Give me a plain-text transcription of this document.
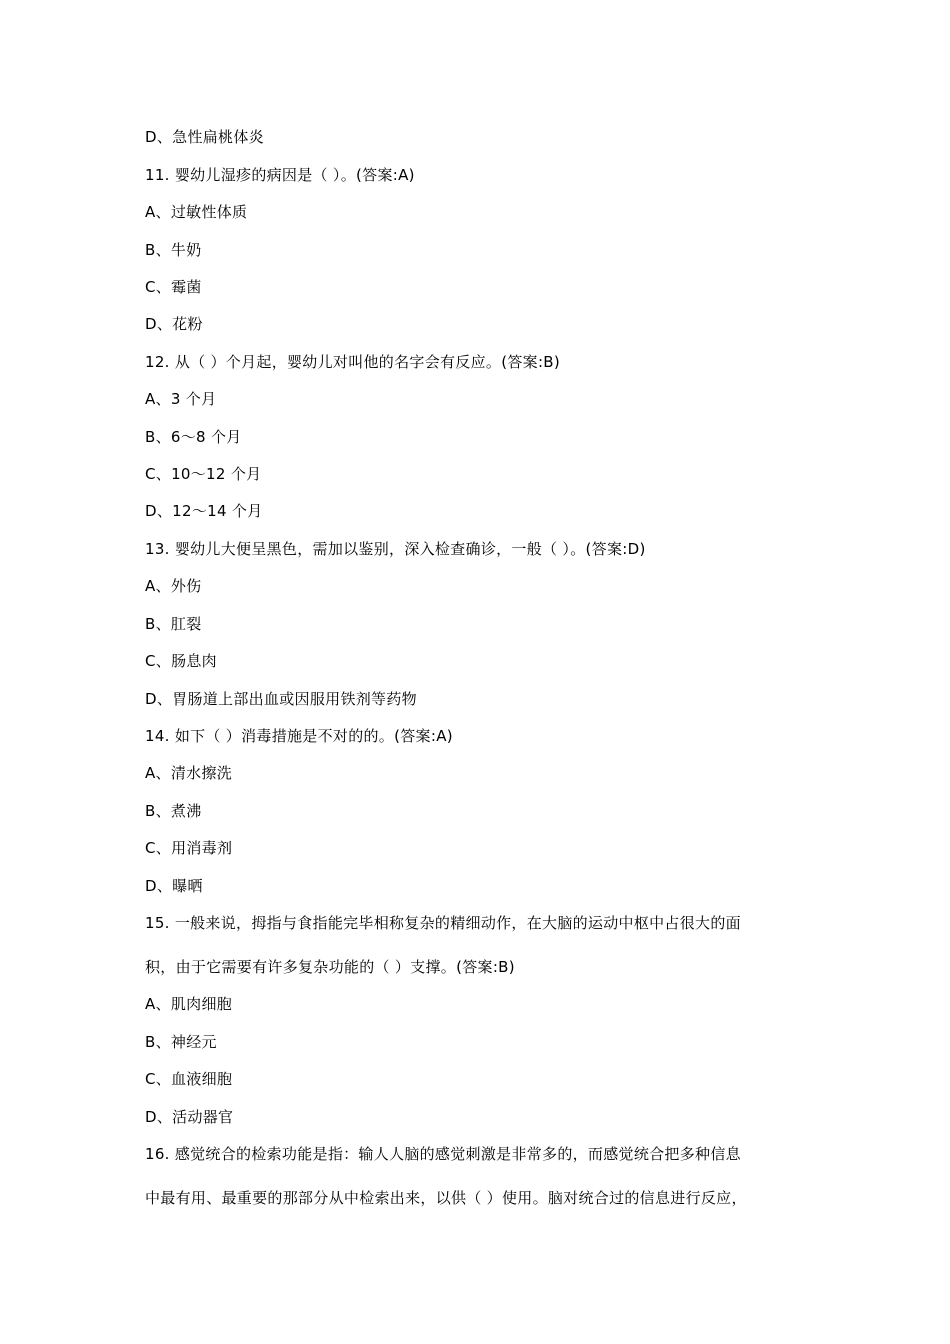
D、急性扁桃体炎
11. 婴幼儿湿疹的病因是（ ）。(答案:A)
A、过敏性体质
B、牛奶
C、霉菌
D、花粉
12. 从（ ）个月起，婴幼儿对叫他的名字会有反应。(答案:B)
A、3 个月
B、6～8 个月
C、10～12 个月
D、12～14 个月
13. 婴幼儿大便呈黑色，需加以鉴别，深入检查确诊，一般（ ）。(答案:D)
A、外伤
B、肛裂
C、肠息肉
D、胃肠道上部出血或因服用铁剂等药物
14. 如下（ ）消毒措施是不对的的。(答案:A)
A、清水擦洗
B、煮沸
C、用消毒剂
D、曝晒
15. 一般来说，拇指与食指能完毕相称复杂的精细动作，在大脑的运动中枢中占很大的面
积，由于它需要有许多复杂功能的（ ）支撑。(答案:B)
A、肌肉细胞
B、神经元
C、血液细胞
D、活动器官
16. 感觉统合的检索功能是指：输人人脑的感觉刺激是非常多的，而感觉统合把多种信息
中最有用、最重要的那部分从中检索出来，以供（ ）使用。脑对统合过的信息进行反应，
